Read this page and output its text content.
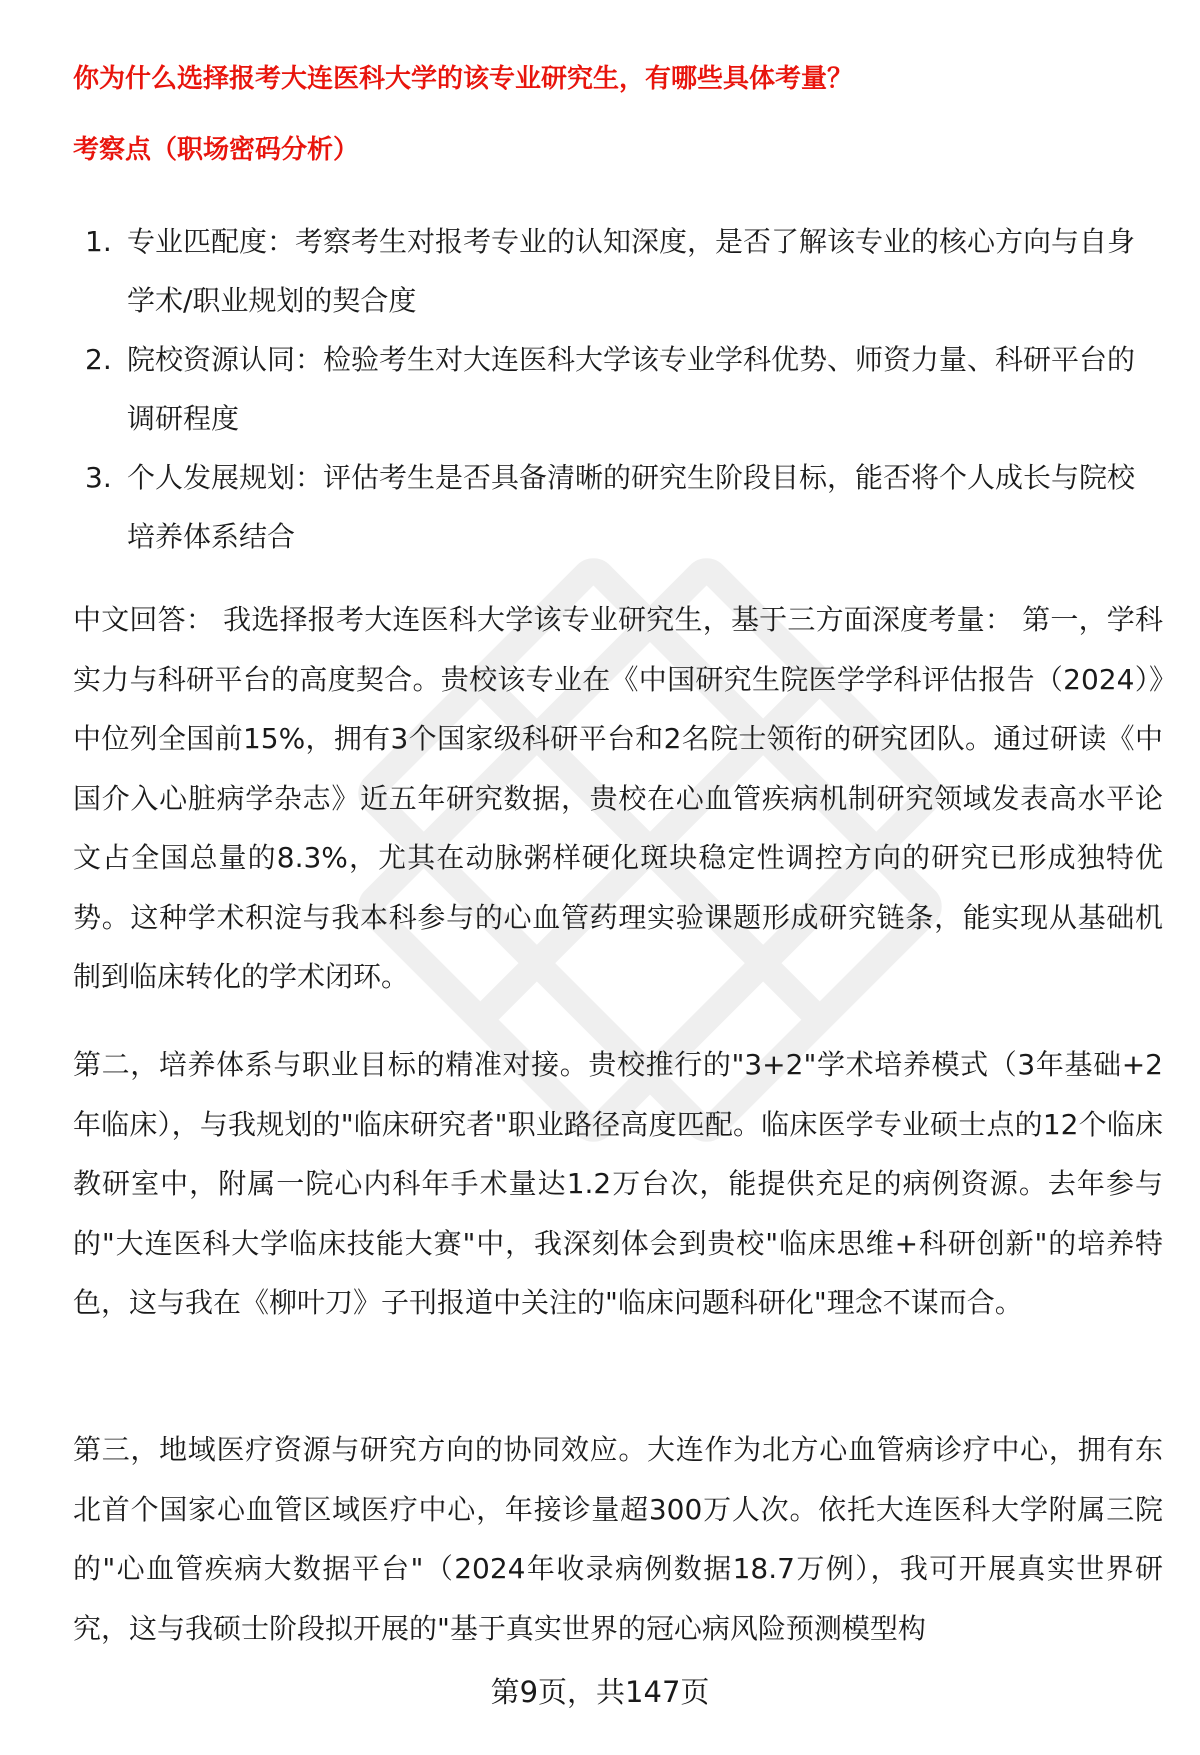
你为什么选择报考大连医科大学的该专业研究生，有哪些具体考量？
考察点（职场密码分析）
1. 专业匹配度：考察考生对报考专业的认知深度，是否了解该专业的核心方向与自身学术/职业规划的契合度
2. 院校资源认同：检验考生对大连医科大学该专业学科优势、师资力量、科研平台的调研程度
3. 个人发展规划：评估考生是否具备清晰的研究生阶段目标，能否将个人成长与院校培养体系结合

中文回答： 我选择报考大连医科大学该专业研究生，基于三方面深度考量： 第一，学科实力与科研平台的高度契合。贵校该专业在《中国研究生院医学学科评估报告（2024）》中位列全国前15%，拥有3个国家级科研平台和2名院士领衔的研究团队。通过研读《中国介入心脏病学杂志》近五年研究数据，贵校在心血管疾病机制研究领域发表高水平论文占全国总量的8.3%，尤其在动脉粥样硬化斑块稳定性调控方向的研究已形成独特优势。这种学术积淀与我本科参与的心血管药理实验课题形成研究链条，能实现从基础机制到临床转化的学术闭环。

第二，培养体系与职业目标的精准对接。贵校推行的"3+2"学术培养模式（3年基础+2年临床），与我规划的"临床研究者"职业路径高度匹配。临床医学专业硕士点的12个临床教研室中，附属一院心内科年手术量达1.2万台次，能提供充足的病例资源。去年参与的"大连医科大学临床技能大赛"中，我深刻体会到贵校"临床思维+科研创新"的培养特色，这与我在《柳叶刀》子刊报道中关注的"临床问题科研化"理念不谋而合。

第三，地域医疗资源与研究方向的协同效应。大连作为北方心血管病诊疗中心，拥有东北首个国家心血管区域医疗中心，年接诊量超300万人次。依托大连医科大学附属三院的"心血管疾病大数据平台"（2024年收录病例数据18.7万例），我可开展真实世界研究，这与我硕士阶段拟开展的"基于真实世界的冠心病风险预测模型构

第9页，共147页
